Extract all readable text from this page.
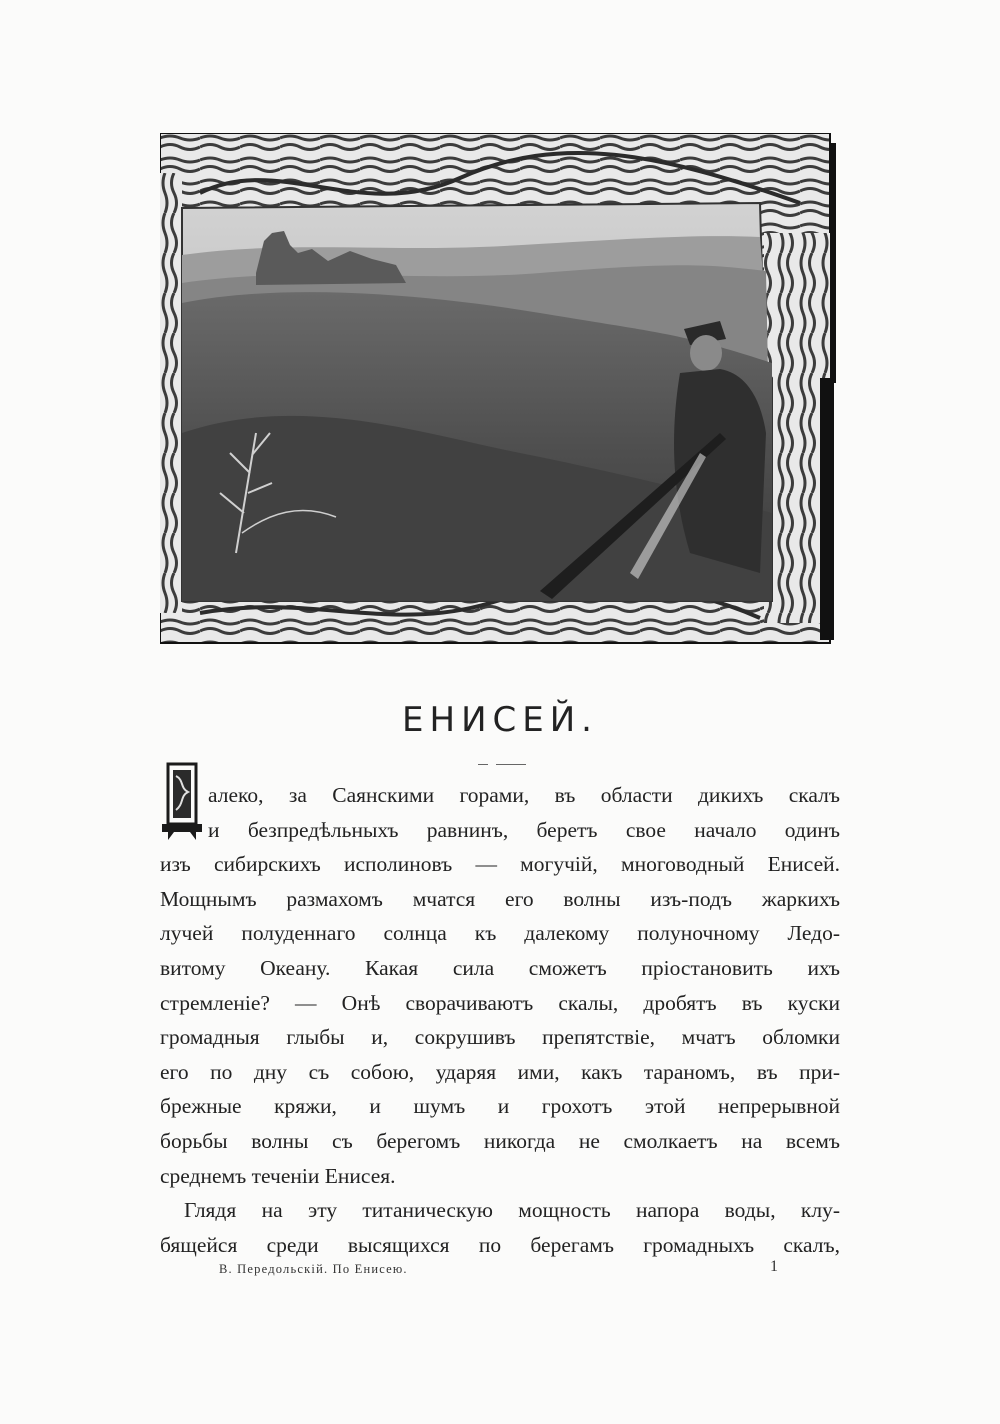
ЕНИСЕЙ.
алеко, за Саянскими горами, въ области дикихъ скалъ
и безпредѣльныхъ равнинъ, беретъ свое начало одинъ
изъ сибирскихъ исполиновъ — могучій, многоводный Енисей.
Мощнымъ размахомъ мчатся его волны изъ-подъ жаркихъ
лучей полуденнаго солнца къ далекому полуночному Ледо-
витому Океану. Какая сила сможетъ пріостановить ихъ
стремленіе? — Онѣ сворачиваютъ скалы, дробятъ въ куски
громадныя глыбы и, сокрушивъ препятствіе, мчатъ обломки
его по дну съ собою, ударяя ими, какъ тараномъ, въ при-
брежные кряжи, и шумъ и грохотъ этой непрерывной
борьбы волны съ берегомъ никогда не смолкаетъ на всемъ
среднемъ теченіи Енисея.
Глядя на эту титаническую мощность напора воды, клу-
бящейся среди высящихся по берегамъ громадныхъ скалъ,
В. Передольскій. По Енисею.	1
